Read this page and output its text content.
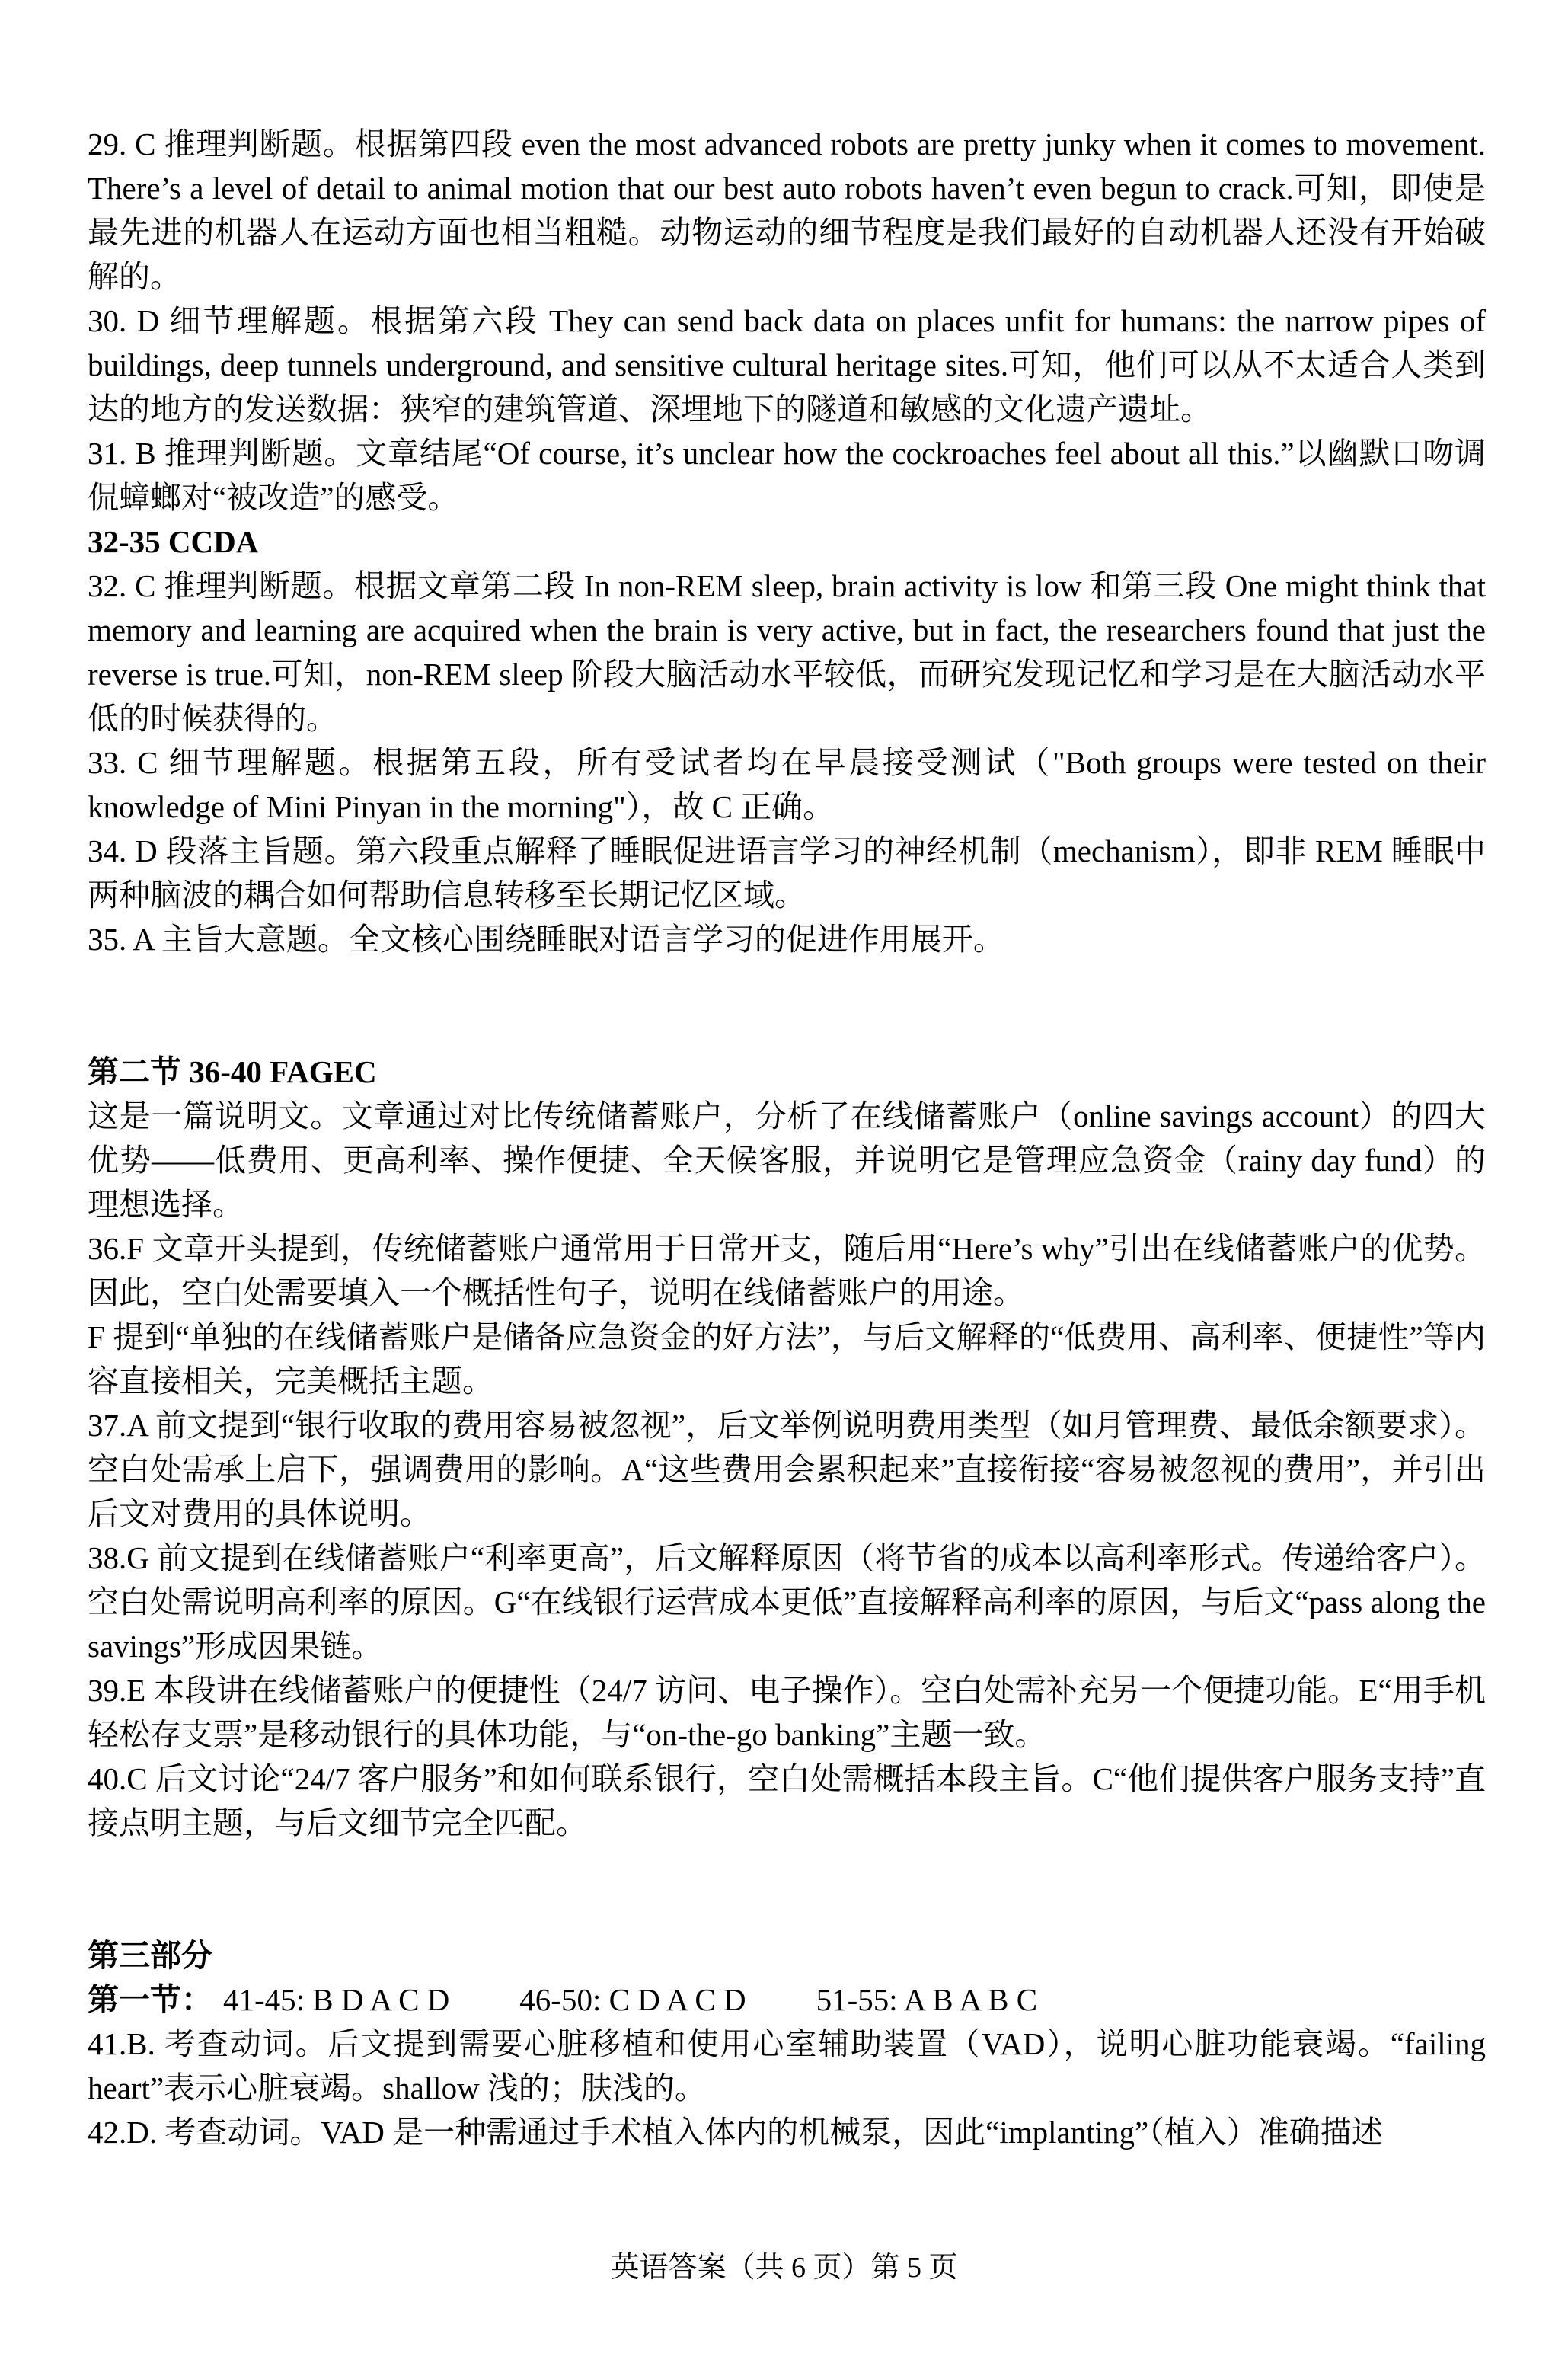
29. C 推理判断题。根据第四段 even the most advanced robots are pretty junky when it comes to movement. There’s a level of detail to animal motion that our best auto robots haven’t even begun to crack.可知，即使是最先进的机器人在运动方面也相当粗糙。动物运动的细节程度是我们最好的自动机器人还没有开始破解的。

30. D 细节理解题。根据第六段 They can send back data on places unfit for humans: the narrow pipes of buildings, deep tunnels underground, and sensitive cultural heritage sites.可知，他们可以从不太适合人类到达的地方的发送数据：狭窄的建筑管道、深埋地下的隧道和敏感的文化遗产遗址。

31. B 推理判断题。文章结尾“Of course, it’s unclear how the cockroaches feel about all this.”以幽默口吻调侃蟑螂对“被改造”的感受。

32-35 CCDA

32. C 推理判断题。根据文章第二段 In non-REM sleep, brain activity is low 和第三段 One might think that memory and learning are acquired when the brain is very active, but in fact, the researchers found that just the reverse is true.可知，non-REM sleep 阶段大脑活动水平较低，而研究发现记忆和学习是在大脑活动水平低的时候获得的。

33. C 细节理解题。根据第五段，所有受试者均在早晨接受测试（"Both groups were tested on their knowledge of Mini Pinyan in the morning"），故 C 正确。

34. D 段落主旨题。第六段重点解释了睡眠促进语言学习的神经机制（mechanism），即非 REM 睡眠中两种脑波的耦合如何帮助信息转移至长期记忆区域。

35. A 主旨大意题。全文核心围绕睡眠对语言学习的促进作用展开。

第二节 36-40 FAGEC

这是一篇说明文。文章通过对比传统储蓄账户，分析了在线储蓄账户（online savings account）的四大优势——低费用、更高利率、操作便捷、全天候客服，并说明它是管理应急资金（rainy day fund）的理想选择。

36.F 文章开头提到，传统储蓄账户通常用于日常开支，随后用“Here’s why”引出在线储蓄账户的优势。因此，空白处需要填入一个概括性句子，说明在线储蓄账户的用途。

F 提到“单独的在线储蓄账户是储备应急资金的好方法”，与后文解释的“低费用、高利率、便捷性”等内容直接相关，完美概括主题。

37.A 前文提到“银行收取的费用容易被忽视”，后文举例说明费用类型（如月管理费、最低余额要求）。空白处需承上启下，强调费用的影响。A“这些费用会累积起来”直接衔接“容易被忽视的费用”，并引出后文对费用的具体说明。

38.G 前文提到在线储蓄账户“利率更高”，后文解释原因（将节省的成本以高利率形式。传递给客户）。空白处需说明高利率的原因。G“在线银行运营成本更低”直接解释高利率的原因，与后文“pass along the savings”形成因果链。

39.E 本段讲在线储蓄账户的便捷性（24/7 访问、电子操作）。空白处需补充另一个便捷功能。E“用手机轻松存支票”是移动银行的具体功能，与“on-the-go banking”主题一致。

40.C 后文讨论“24/7 客户服务”和如何联系银行，空白处需概括本段主旨。C“他们提供客户服务支持”直接点明主题，与后文细节完全匹配。

第三部分

第一节： 41-45: B D A C D 46-50: C D A C D 51-55: A B A B C

41.B. 考查动词。后文提到需要心脏移植和使用心室辅助装置（VAD），说明心脏功能衰竭。“failing heart”表示心脏衰竭。shallow 浅的；肤浅的。

42.D. 考查动词。VAD 是一种需通过手术植入体内的机械泵，因此“implanting”（植入）准确描述

英语答案（共 6 页）第 5 页
